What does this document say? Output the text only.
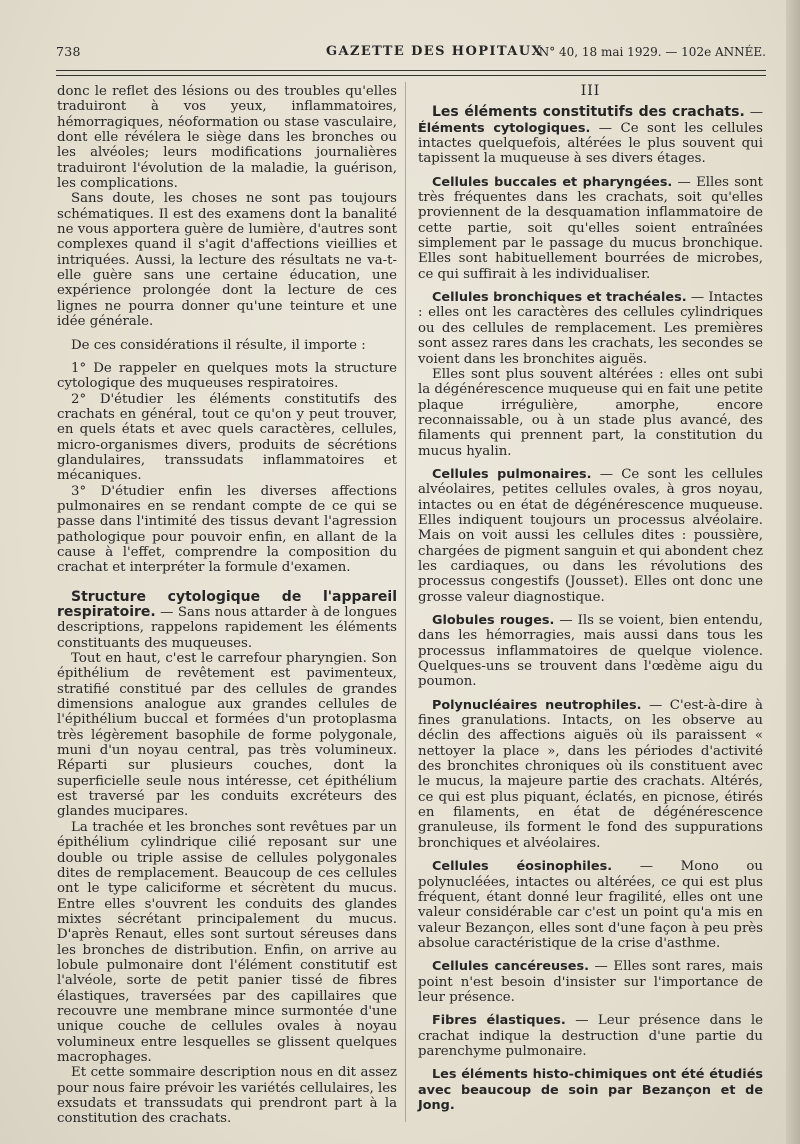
738	GAZETTE DES HOPITAUX
N° 40, 18 mai 1929. — 102e ANNÉE.

donc le reflet des lésions ou des troubles qu'elles traduiront à vos yeux, inflammatoires, hémorragiques, néoformation ou stase vasculaire, dont elle révélera le siège dans les bronches ou les alvéoles; leurs modifications journalières traduiront l'évolution de la maladie, la guérison, les complications.

Sans doute, les choses ne sont pas toujours schématiques. Il est des examens dont la banalité ne vous apportera guère de lumière, d'autres sont complexes quand il s'agit d'affections vieillies et intriquées. Aussi, la lecture des résultats ne va-t-elle guère sans une certaine éducation, une expérience prolongée dont la lecture de ces lignes ne pourra donner qu'une teinture et une idée générale.

De ces considérations il résulte, il importe :

1° De rappeler en quelques mots la structure cytologique des muqueuses respiratoires.

2° D'étudier les éléments constitutifs des crachats en général, tout ce qu'on y peut trouver, en quels états et avec quels caractères, cellules, micro-organismes divers, produits de sécrétions glandulaires, transsudats inflammatoires et mécaniques.

3° D'étudier enfin les diverses affections pulmonaires en se rendant compte de ce qui se passe dans l'intimité des tissus devant l'agression pathologique pour pouvoir enfin, en allant de la cause à l'effet, comprendre la composition du crachat et interpréter la formule d'examen.

Structure cytologique de l'appareil respiratoire. — Sans nous attarder à de longues descriptions, rappelons rapidement les éléments constituants des muqueuses.

Tout en haut, c'est le carrefour pharyngien. Son épithélium de revêtement est pavimenteux, stratifié constitué par des cellules de grandes dimensions analogue aux grandes cellules de l'épithélium buccal et formées d'un protoplasma très légèrement basophile de forme polygonale, muni d'un noyau central, pas très volumineux. Réparti sur plusieurs couches, dont la superficielle seule nous intéresse, cet épithélium est traversé par les conduits excréteurs des glandes mucipares.

La trachée et les bronches sont revêtues par un épithélium cylindrique cilié reposant sur une double ou triple assise de cellules polygonales dites de remplacement. Beaucoup de ces cellules ont le type caliciforme et sécrètent du mucus. Entre elles s'ouvrent les conduits des glandes mixtes sécrétant principalement du mucus. D'après Renaut, elles sont surtout séreuses dans les bronches de distribution. Enfin, on arrive au lobule pulmonaire dont l'élément constitutif est l'alvéole, sorte de petit panier tissé de fibres élastiques, traversées par des capillaires que recouvre une membrane mince surmontée d'une unique couche de cellules ovales à noyau volumineux entre lesquelles se glissent quelques macrophages.

Et cette sommaire description nous en dit assez pour nous faire prévoir les variétés cellulaires, les exsudats et transsudats qui prendront part à la constitution des crachats.

III

Les éléments constitutifs des crachats. — Éléments cytologiques. — Ce sont les cellules intactes quelquefois, altérées le plus souvent qui tapissent la muqueuse à ses divers étages.

Cellules buccales et pharyngées. — Elles sont très fréquentes dans les crachats, soit qu'elles proviennent de la desquamation inflammatoire de cette partie, soit qu'elles soient entraînées simplement par le passage du mucus bronchique. Elles sont habituellement bourrées de microbes, ce qui suffirait à les individualiser.

Cellules bronchiques et trachéales. — Intactes : elles ont les caractères des cellules cylindriques ou des cellules de remplacement. Les premières sont assez rares dans les crachats, les secondes se voient dans les bronchites aiguës.

Elles sont plus souvent altérées : elles ont subi la dégénérescence muqueuse qui en fait une petite plaque irrégulière, amorphe, encore reconnaissable, ou à un stade plus avancé, des filaments qui prennent part, la constitution du mucus hyalin.

Cellules pulmonaires. — Ce sont les cellules alvéolaires, petites cellules ovales, à gros noyau, intactes ou en état de dégénérescence muqueuse. Elles indiquent toujours un processus alvéolaire. Mais on voit aussi les cellules dites : poussière, chargées de pigment sanguin et qui abondent chez les cardiaques, ou dans les révolutions des processus congestifs (Jousset). Elles ont donc une grosse valeur diagnostique.

Globules rouges. — Ils se voient, bien entendu, dans les hémorragies, mais aussi dans tous les processus inflammatoires de quelque violence. Quelques-uns se trouvent dans l'œdème aigu du poumon.

Polynucléaires neutrophiles. — C'est-à-dire à fines granulations. Intacts, on les observe au déclin des affections aiguës où ils paraissent « nettoyer la place », dans les périodes d'activité des bronchites chroniques où ils constituent avec le mucus, la majeure partie des crachats. Altérés, ce qui est plus piquant, éclatés, en picnose, étirés en filaments, en état de dégénérescence granuleuse, ils forment le fond des suppurations bronchiques et alvéolaires.

Cellules éosinophiles. — Mono ou polynucléées, intactes ou altérées, ce qui est plus fréquent, étant donné leur fragilité, elles ont une valeur considérable car c'est un point qu'a mis en valeur Bezançon, elles sont d'une façon à peu près absolue caractéristique de la crise d'asthme.

Cellules cancéreuses. — Elles sont rares, mais point n'est besoin d'insister sur l'importance de leur présence.

Fibres élastiques. — Leur présence dans le crachat indique la destruction d'une partie du parenchyme pulmonaire.

Les éléments histo-chimiques ont été étudiés avec beaucoup de soin par Bezançon et de Jong.
